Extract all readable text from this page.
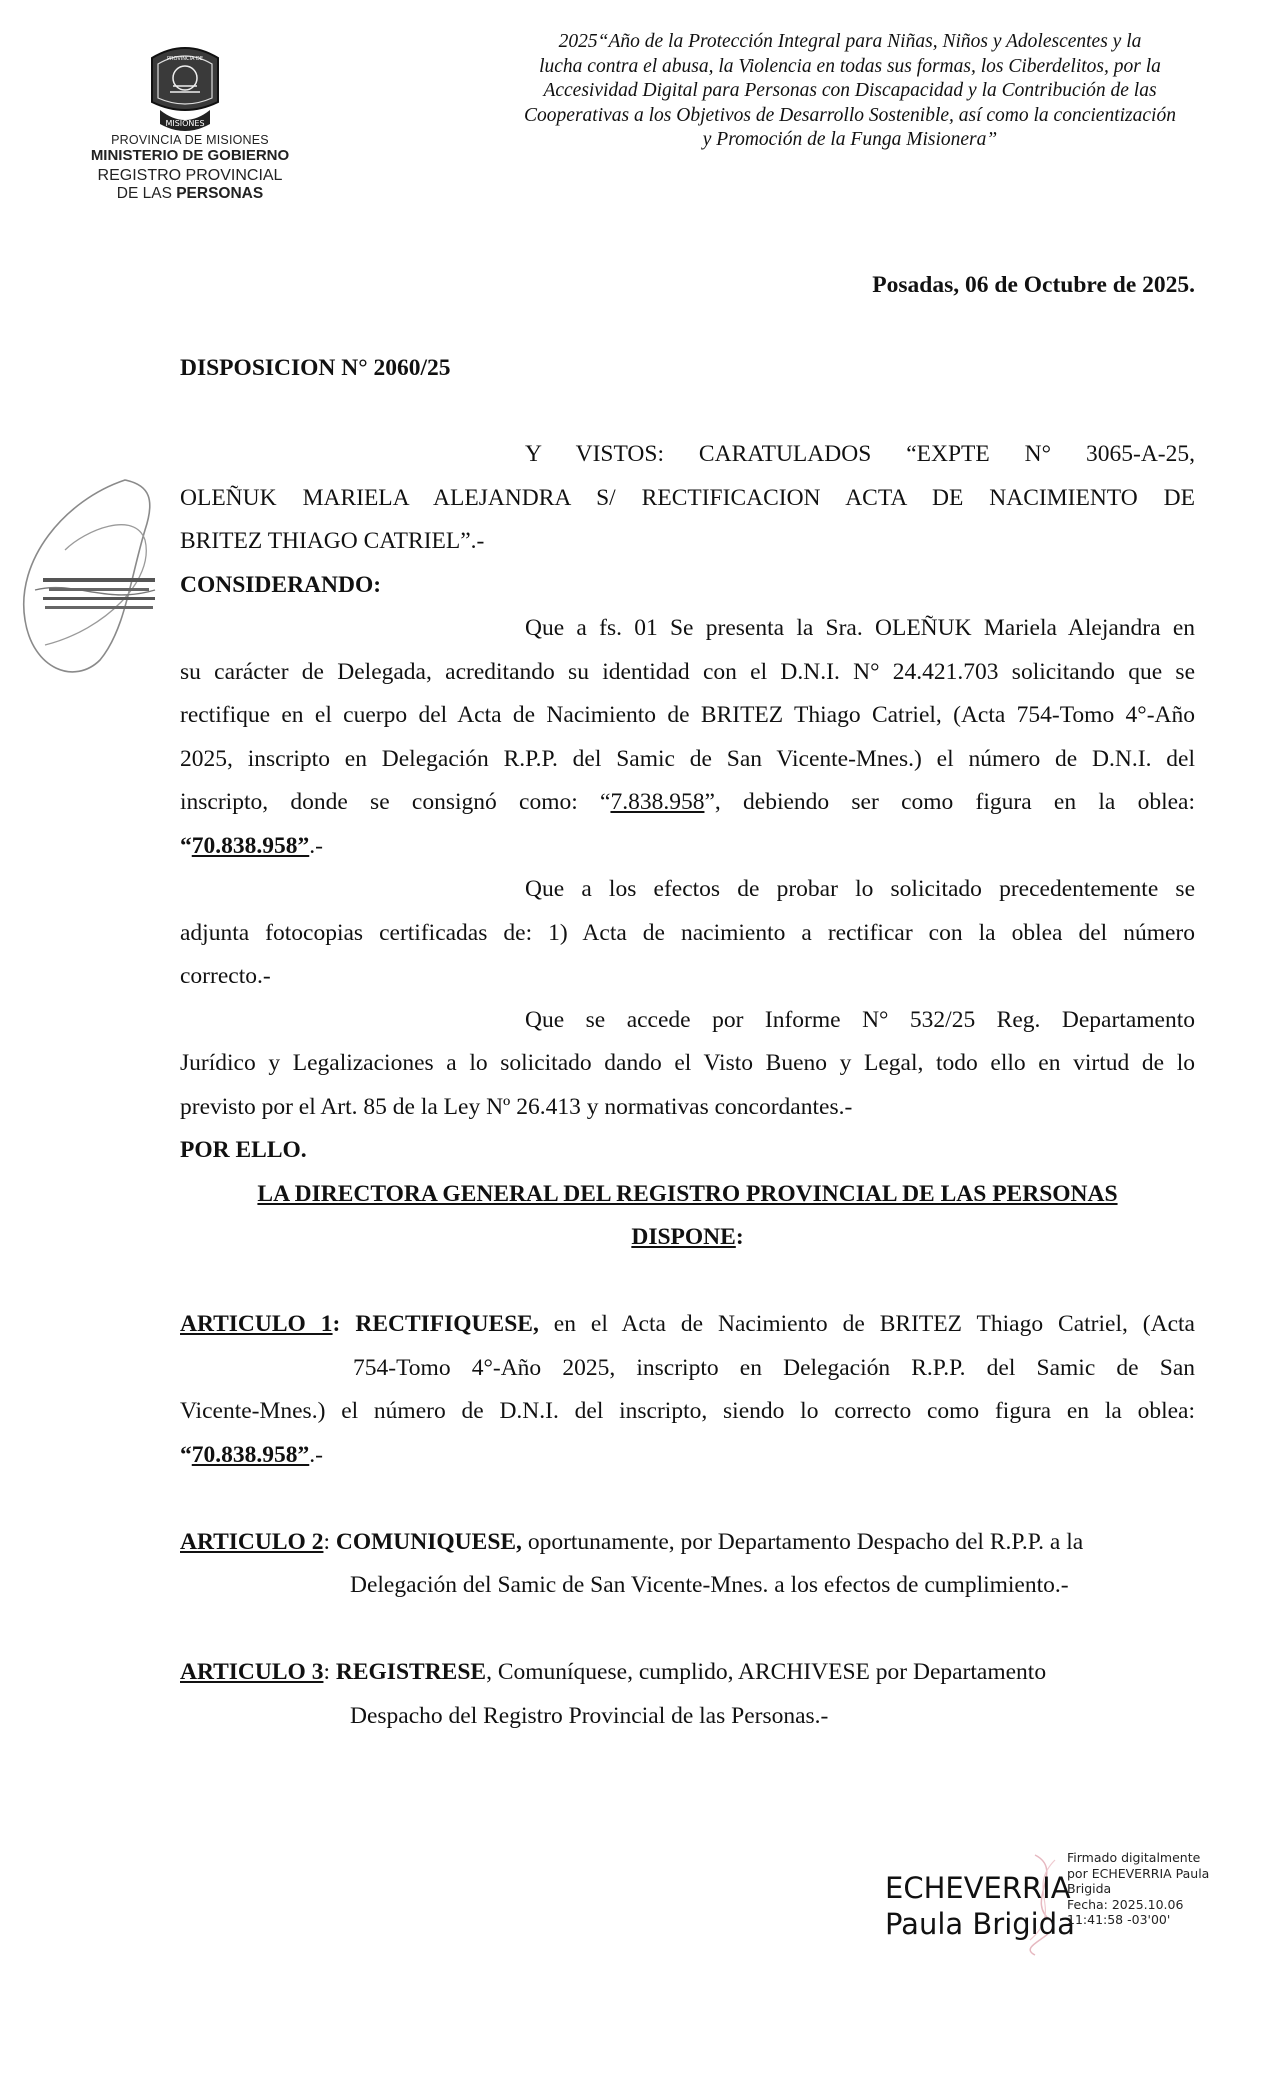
MISIONES
PROVINCIA DE
PROVINCIA DE MISIONES
MINISTERIO DE GOBIERNO
REGISTRO PROVINCIAL
DE LAS PERSONAS
2025“Año de la Protección Integral para Niñas, Niños y Adolescentes y la
lucha contra el abusa, la Violencia en todas sus formas, los Ciberdelitos, por la
Accesividad Digital para Personas con Discapacidad y la Contribución de las
Cooperativas a los Objetivos de Desarrollo Sostenible, así como la concientización
y Promoción de la Funga Misionera”
Posadas, 06 de Octubre de 2025.
DISPOSICION N° 2060/25
Y VISTOS: CARATULADOS “EXPTE N° 3065-A-25,
OLEÑUK MARIELA ALEJANDRA S/ RECTIFICACION ACTA DE NACIMIENTO DE
BRITEZ THIAGO CATRIEL”.-
CONSIDERANDO:
Que a fs. 01 Se presenta la Sra. OLEÑUK Mariela Alejandra en
su carácter de Delegada, acreditando su identidad con el D.N.I. N° 24.421.703 solicitando que se
rectifique en el cuerpo del Acta de Nacimiento de BRITEZ Thiago Catriel, (Acta 754-Tomo 4°-Año
2025, inscripto en Delegación R.P.P. del Samic de San Vicente-Mnes.) el número de D.N.I. del
inscripto, donde se consignó como: “7.838.958”, debiendo ser como figura en la oblea:
“70.838.958”.-
Que a los efectos de probar lo solicitado precedentemente se
adjunta fotocopias certificadas de: 1) Acta de nacimiento a rectificar con la oblea del número
correcto.-
Que se accede por Informe N° 532/25 Reg. Departamento
Jurídico y Legalizaciones a lo solicitado dando el Visto Bueno y Legal, todo ello en virtud de lo
previsto por el Art. 85 de la Ley Nº 26.413 y normativas concordantes.-
POR ELLO.
LA DIRECTORA GENERAL DEL REGISTRO PROVINCIAL DE LAS PERSONAS
DISPONE:
ARTICULO 1: RECTIFIQUESE, en el Acta de Nacimiento de BRITEZ Thiago Catriel, (Acta
754-Tomo 4°-Año 2025, inscripto en Delegación R.P.P. del Samic de San
Vicente-Mnes.) el número de D.N.I. del inscripto, siendo lo correcto como figura en la oblea:
“70.838.958”.-
ARTICULO 2: COMUNIQUESE, oportunamente, por Departamento Despacho del R.P.P. a la
Delegación del Samic de San Vicente-Mnes. a los efectos de cumplimiento.-
ARTICULO 3: REGISTRESE, Comuníquese, cumplido, ARCHIVESE por Departamento
Despacho del Registro Provincial de las Personas.-
ECHEVERRIA
Paula Brigida
Firmado digitalmente
por ECHEVERRIA Paula
Brigida
Fecha: 2025.10.06
11:41:58 -03'00'
